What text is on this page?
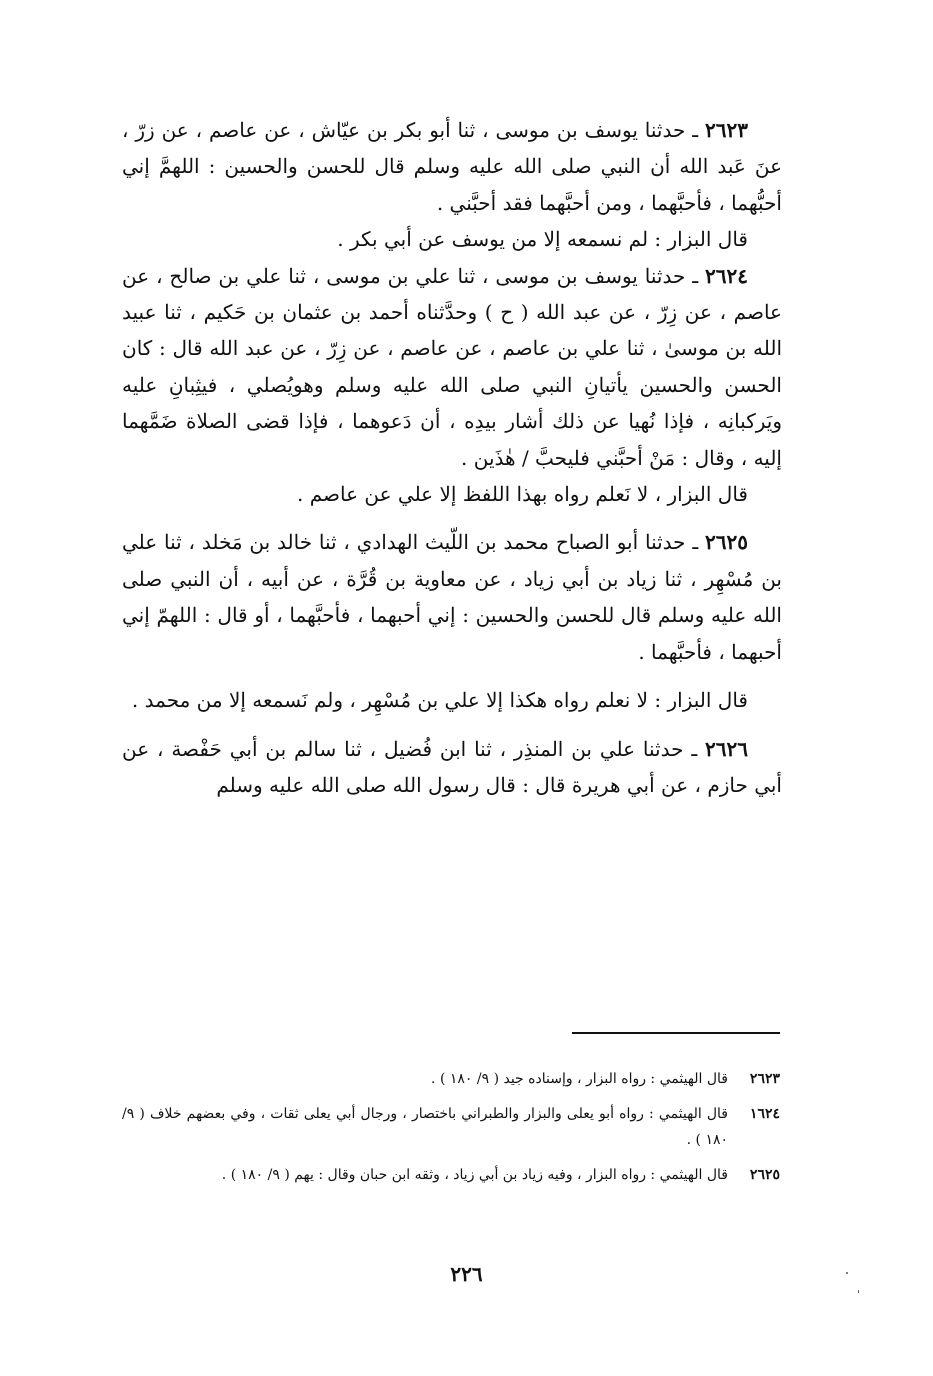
٢٦٢٣ ـ حدثنا يوسف بن موسى ، ثنا أبو بكر بن عيّاش ، عن عاصم ، عن زرّ ، عنَ عَبد الله أن النبي صلى الله عليه وسلم قال للحسن والحسين : اللهمَّ إني أحبُّهما ، فأحبَّهما ، ومن أحبَّهما فقد أحبَّني .

قال البزار : لم نسمعه إلا من يوسف عن أبي بكر .

٢٦٢٤ ـ حدثنا يوسف بن موسى ، ثنا علي بن موسى ، ثنا علي بن صالح ، عن عاصم ، عن زِرّ ، عن عبد الله ( ح ) وحدَّثناه أحمد بن عثمان بن حَكيم ، ثنا عبيد الله بن موسىٰ ، ثنا علي بن عاصم ، عن عاصم ، عن زِرّ ، عن عبد الله قال : كان الحسن والحسين يأتيانِ النبي صلى الله عليه وسلم وهويُصلي ، فيثِبانِ عليه ويَركبانِه ، فإذا نُهيا عن ذلك أشار بيدِه ، أن دَعوهما ، فإذا قضى الصلاة ضَمَّهما إليه ، وقال : مَنْ أحبَّني فليحبَّ / هٰذَين .

قال البزار ، لا نَعلم رواه بهذا اللفظ إلا علي عن عاصم .

٢٦٢٥ ـ حدثنا أبو الصباح محمد بن اللّيث الهدادي ، ثنا خالد بن مَخلد ، ثنا علي بن مُسْهِر ، ثنا زياد بن أبي زياد ، عن معاوية بن قُرَّة ، عن أبيه ، أن النبي صلى الله عليه وسلم قال للحسن والحسين : إني أحبهما ، فأحبَّهما ، أو قال : اللهمّ إني أحبهما ، فأحبَّهما .

قال البزار : لا نعلم رواه هكذا إلا علي بن مُسْهِر ، ولم نَسمعه إلا من محمد .

٢٦٢٦ ـ حدثنا علي بن المنذِر ، ثنا ابن فُضيل ، ثنا سالم بن أبي حَفْصة ، عن أبي حازم ، عن أبي هريرة قال : قال رسول الله صلى الله عليه وسلم

٢٦٢٣
قال الهيثمي : رواه البزار ، وإسناده جيد ( ٩/ ١٨٠ ) .
١٦٢٤
قال الهيثمي : رواه أبو يعلى والبزار والطبراني باختصار ، ورجال أبي يعلى ثقات ، وفي بعضهم خلاف ( ٩/ ١٨٠ ) .
٢٦٢٥
قال الهيثمي : رواه البزار ، وفيه زياد بن أبي زياد ، وثقه ابن حبان وقال : يهم ( ٩/ ١٨٠ ) .
٢٢٦
